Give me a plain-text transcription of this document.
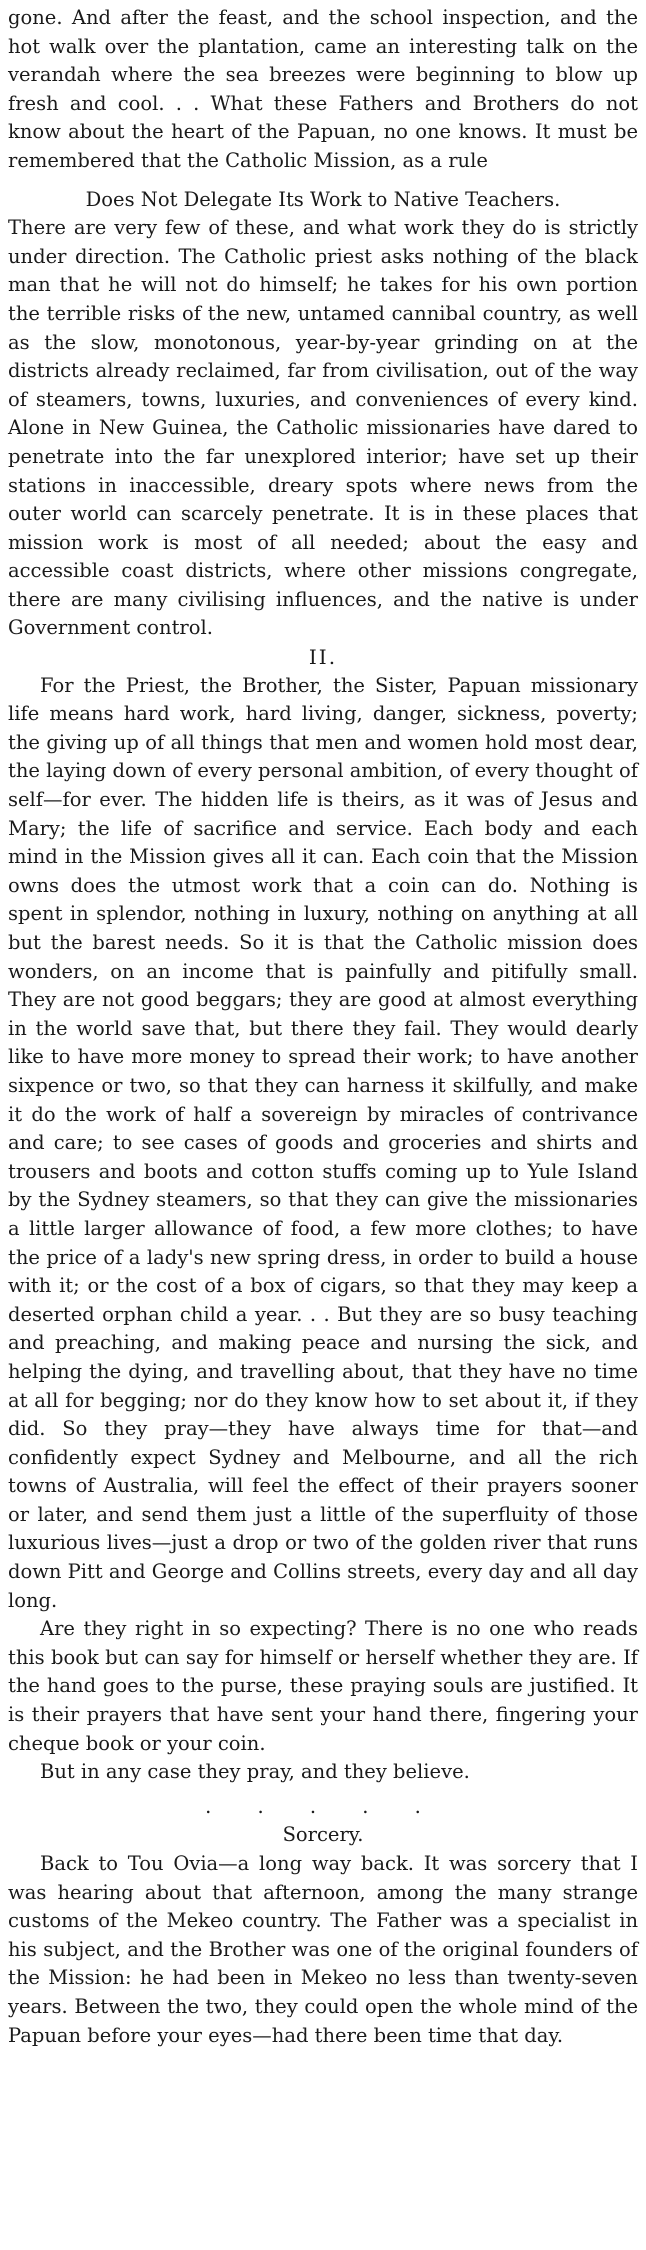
gone. And after the feast, and the school inspection, and the hot walk over the plantation, came an interesting talk on the verandah where the sea breezes were beginning to blow up fresh and cool. . . What these Fathers and Brothers do not know about the heart of the Papuan, no one knows. It must be remembered that the Catholic Mission, as a rule

Does Not Delegate Its Work to Native Teachers.

There are very few of these, and what work they do is strictly under direction. The Catholic priest asks nothing of the black man that he will not do himself; he takes for his own portion the terrible risks of the new, untamed cannibal country, as well as the slow, monotonous, year-by-year grinding on at the districts already reclaimed, far from civilisation, out of the way of steamers, towns, luxuries, and conveniences of every kind. Alone in New Guinea, the Catholic missionaries have dared to penetrate into the far unexplored interior; have set up their stations in inaccessible, dreary spots where news from the outer world can scarcely penetrate. It is in these places that mission work is most of all needed; about the easy and accessible coast districts, where other missions congregate, there are many civilising influences, and the native is under Government control.

II.

For the Priest, the Brother, the Sister, Papuan missionary life means hard work, hard living, danger, sickness, poverty; the giving up of all things that men and women hold most dear, the laying down of every personal ambition, of every thought of self—for ever. The hidden life is theirs, as it was of Jesus and Mary; the life of sacrifice and service. Each body and each mind in the Mission gives all it can. Each coin that the Mission owns does the utmost work that a coin can do. Nothing is spent in splendor, nothing in luxury, nothing on anything at all but the barest needs. So it is that the Catholic mission does wonders, on an income that is painfully and pitifully small. They are not good beggars; they are good at almost everything in the world save that, but there they fail. They would dearly like to have more money to spread their work; to have another sixpence or two, so that they can harness it skilfully, and make it do the work of half a sovereign by miracles of contrivance and care; to see cases of goods and groceries and shirts and trousers and boots and cotton stuffs coming up to Yule Island by the Sydney steamers, so that they can give the missionaries a little larger allowance of food, a few more clothes; to have the price of a lady's new spring dress, in order to build a house with it; or the cost of a box of cigars, so that they may keep a deserted orphan child a year. . . But they are so busy teaching and preaching, and making peace and nursing the sick, and helping the dying, and travelling about, that they have no time at all for begging; nor do they know how to set about it, if they did. So they pray—they have always time for that—and confidently expect Sydney and Melbourne, and all the rich towns of Australia, will feel the effect of their prayers sooner or later, and send them just a little of the superfluity of those luxurious lives—just a drop or two of the golden river that runs down Pitt and George and Collins streets, every day and all day long.

Are they right in so expecting? There is no one who reads this book but can say for himself or herself whether they are. If the hand goes to the purse, these praying souls are justified. It is their prayers that have sent your hand there, fingering your cheque book or your coin.

But in any case they pray, and they believe.

. . . . .

Sorcery.

Back to Tou Ovia—a long way back. It was sorcery that I was hearing about that afternoon, among the many strange customs of the Mekeo country. The Father was a specialist in his subject, and the Brother was one of the original founders of the Mission: he had been in Mekeo no less than twenty-seven years. Between the two, they could open the whole mind of the Papuan before your eyes—had there been time that day.
